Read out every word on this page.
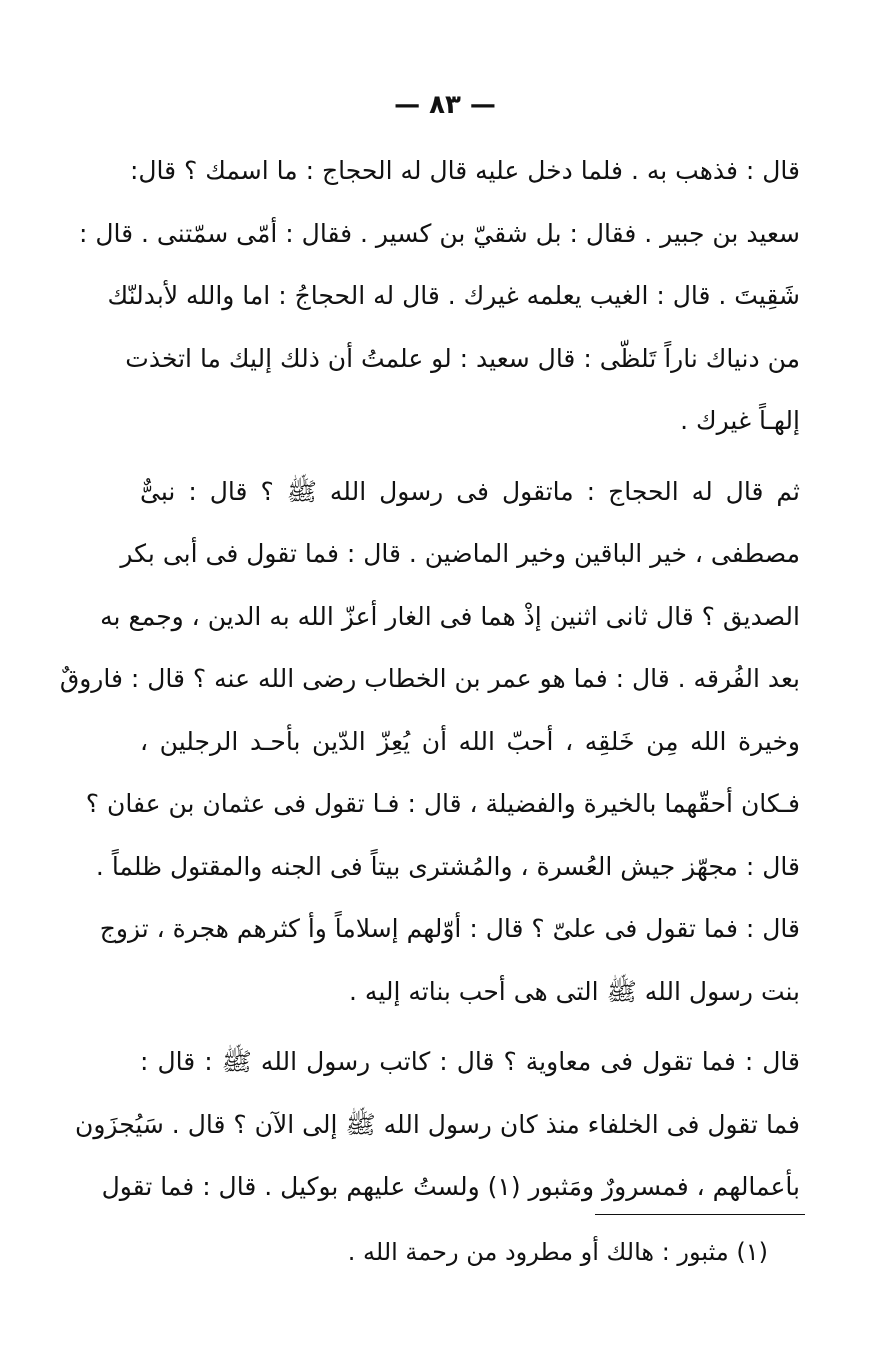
— ٨٣ —
قال : فذهب به . فلما دخل عليه قال له الحجاج : ما اسمك ؟ قال:
سعيد بن جبير . فقال : بل شقيّ بن كسير . فقال : أمّى سمّتنى . قال :
شَقِيتَ . قال : الغيب يعلمه غيرك . قال له الحجاجُ : اما والله لأبدلنّك
من دنياك ناراً تَلظّى : قال سعيد : لو علمتُ أن ذلك إليك ما اتخذت
إلهـاً غيرك .
ثم قال له الحجاج : ماتقول فى رسول الله ﷺ ؟ قال : نبىٌّ
مصطفى ، خير الباقين وخير الماضين . قال : فما تقول فى أبى بكر
الصديق ؟ قال ثانى اثنين إذْ هما فى الغار أعزّ الله به الدين ، وجمع به
بعد الفُرقه . قال : فما هو عمر بن الخطاب رضى الله عنه ؟ قال : فاروقٌ
وخيرة الله مِن خَلقِه ، أحبّ الله أن يُعِزّ الدّين بأحـد الرجلين ،
فـكان أحقّهما بالخيرة والفضيلة ، قال : فـا تقول فى عثمان بن عفان ؟
قال : مجهّز جيش العُسرة ، والمُشترى بيتاً فى الجنه والمقتول ظلماً .
قال : فما تقول فى علىّ ؟ قال : أوّلهم إسلاماً وأ كثرهم هجرة ، تزوج
بنت رسول الله ﷺ التى هى أحب بناته إليه .
قال : فما تقول فى معاوية ؟ قال : كاتب رسول الله ﷺ : قال :
فما تقول فى الخلفاء منذ كان رسول الله ﷺ إلى الآن ؟ قال . سَيُجزَون
بأعمالهم ، فمسرورٌ ومَثبور (١) ولستُ عليهم بوكيل . قال : فما تقول
(١) مثبور : هالك أو مطرود من رحمة الله .
